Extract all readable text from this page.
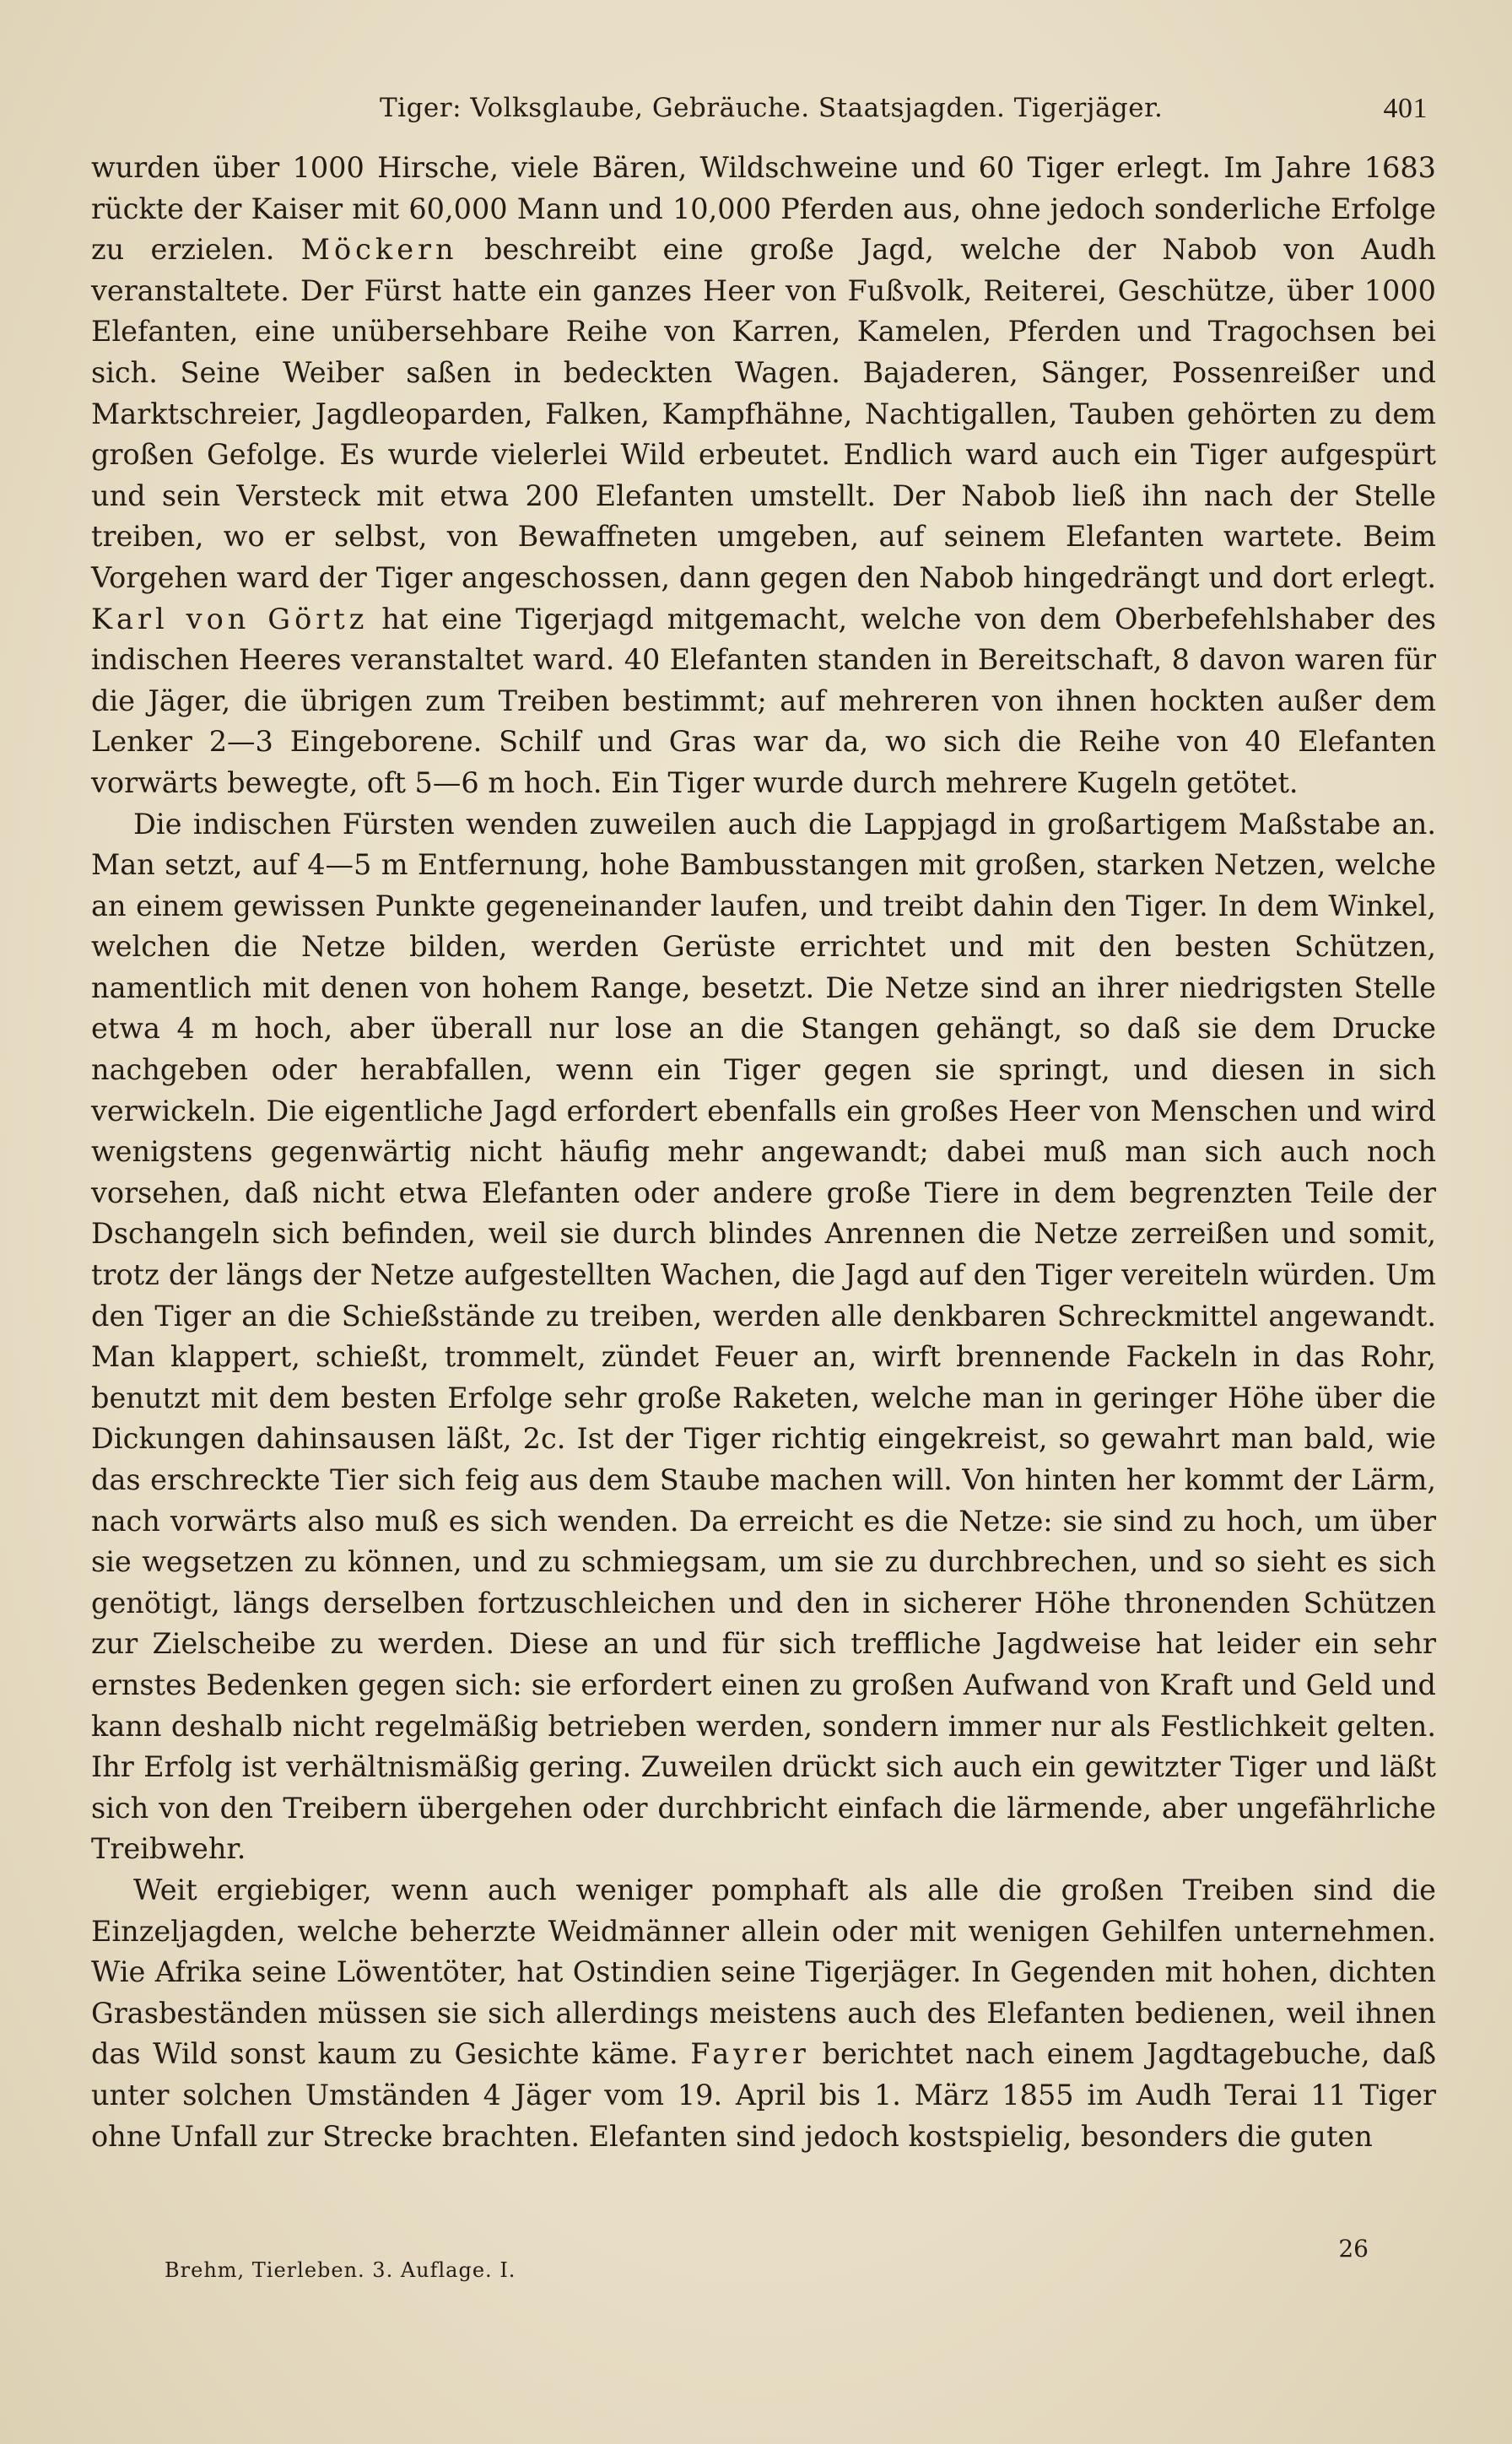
Tiger: Volksglaube, Gebräuche. Staatsjagden. Tigerjäger.	401

wurden über 1000 Hirsche, viele Bären, Wildschweine und 60 Tiger erlegt. Im Jahre 1683 rückte der Kaiser mit 60,000 Mann und 10,000 Pferden aus, ohne jedoch sonderliche Erfolge zu erzielen. Möckern beschreibt eine große Jagd, welche der Nabob von Audh veranstaltete. Der Fürst hatte ein ganzes Heer von Fußvolk, Reiterei, Geschütze, über 1000 Elefanten, eine unübersehbare Reihe von Karren, Kamelen, Pferden und Tragochsen bei sich. Seine Weiber saßen in bedeckten Wagen. Bajaderen, Sänger, Possenreißer und Marktschreier, Jagdleoparden, Falken, Kampfhähne, Nachtigallen, Tauben gehörten zu dem großen Gefolge. Es wurde vielerlei Wild erbeutet. Endlich ward auch ein Tiger aufgespürt und sein Versteck mit etwa 200 Elefanten umstellt. Der Nabob ließ ihn nach der Stelle treiben, wo er selbst, von Bewaffneten umgeben, auf seinem Elefanten wartete. Beim Vorgehen ward der Tiger angeschossen, dann gegen den Nabob hingedrängt und dort erlegt. Karl von Görtz hat eine Tigerjagd mitgemacht, welche von dem Oberbefehlshaber des indischen Heeres veranstaltet ward. 40 Elefanten standen in Bereitschaft, 8 davon waren für die Jäger, die übrigen zum Treiben bestimmt; auf mehreren von ihnen hockten außer dem Lenker 2—3 Eingeborene. Schilf und Gras war da, wo sich die Reihe von 40 Elefanten vorwärts bewegte, oft 5—6 m hoch. Ein Tiger wurde durch mehrere Kugeln getötet.

Die indischen Fürsten wenden zuweilen auch die Lappjagd in großartigem Maßstabe an. Man setzt, auf 4—5 m Entfernung, hohe Bambusstangen mit großen, starken Netzen, welche an einem gewissen Punkte gegeneinander laufen, und treibt dahin den Tiger. In dem Winkel, welchen die Netze bilden, werden Gerüste errichtet und mit den besten Schützen, namentlich mit denen von hohem Range, besetzt. Die Netze sind an ihrer niedrigsten Stelle etwa 4 m hoch, aber überall nur lose an die Stangen gehängt, so daß sie dem Drucke nachgeben oder herabfallen, wenn ein Tiger gegen sie springt, und diesen in sich verwickeln. Die eigentliche Jagd erfordert ebenfalls ein großes Heer von Menschen und wird wenigstens gegenwärtig nicht häufig mehr angewandt; dabei muß man sich auch noch vorsehen, daß nicht etwa Elefanten oder andere große Tiere in dem begrenzten Teile der Dschangeln sich befinden, weil sie durch blindes Anrennen die Netze zerreißen und somit, trotz der längs der Netze aufgestellten Wachen, die Jagd auf den Tiger vereiteln würden. Um den Tiger an die Schießstände zu treiben, werden alle denkbaren Schreckmittel angewandt. Man klappert, schießt, trommelt, zündet Feuer an, wirft brennende Fackeln in das Rohr, benutzt mit dem besten Erfolge sehr große Raketen, welche man in geringer Höhe über die Dickungen dahinsausen läßt, 2c. Ist der Tiger richtig eingekreist, so gewahrt man bald, wie das erschreckte Tier sich feig aus dem Staube machen will. Von hinten her kommt der Lärm, nach vorwärts also muß es sich wenden. Da erreicht es die Netze: sie sind zu hoch, um über sie wegsetzen zu können, und zu schmiegsam, um sie zu durchbrechen, und so sieht es sich genötigt, längs derselben fortzuschleichen und den in sicherer Höhe thronenden Schützen zur Zielscheibe zu werden. Diese an und für sich treffliche Jagdweise hat leider ein sehr ernstes Bedenken gegen sich: sie erfordert einen zu großen Aufwand von Kraft und Geld und kann deshalb nicht regelmäßig betrieben werden, sondern immer nur als Festlichkeit gelten. Ihr Erfolg ist verhältnismäßig gering. Zuweilen drückt sich auch ein gewitzter Tiger und läßt sich von den Treibern übergehen oder durchbricht einfach die lärmende, aber ungefährliche Treibwehr.

Weit ergiebiger, wenn auch weniger pomphaft als alle die großen Treiben sind die Einzeljagden, welche beherzte Weidmänner allein oder mit wenigen Gehilfen unternehmen. Wie Afrika seine Löwentöter, hat Ostindien seine Tigerjäger. In Gegenden mit hohen, dichten Grasbeständen müssen sie sich allerdings meistens auch des Elefanten bedienen, weil ihnen das Wild sonst kaum zu Gesichte käme. Fayrer berichtet nach einem Jagdtagebuche, daß unter solchen Umständen 4 Jäger vom 19. April bis 1. März 1855 im Audh Terai 11 Tiger ohne Unfall zur Strecke brachten. Elefanten sind jedoch kostspielig, besonders die guten

Brehm, Tierleben. 3. Auflage. I.
26
